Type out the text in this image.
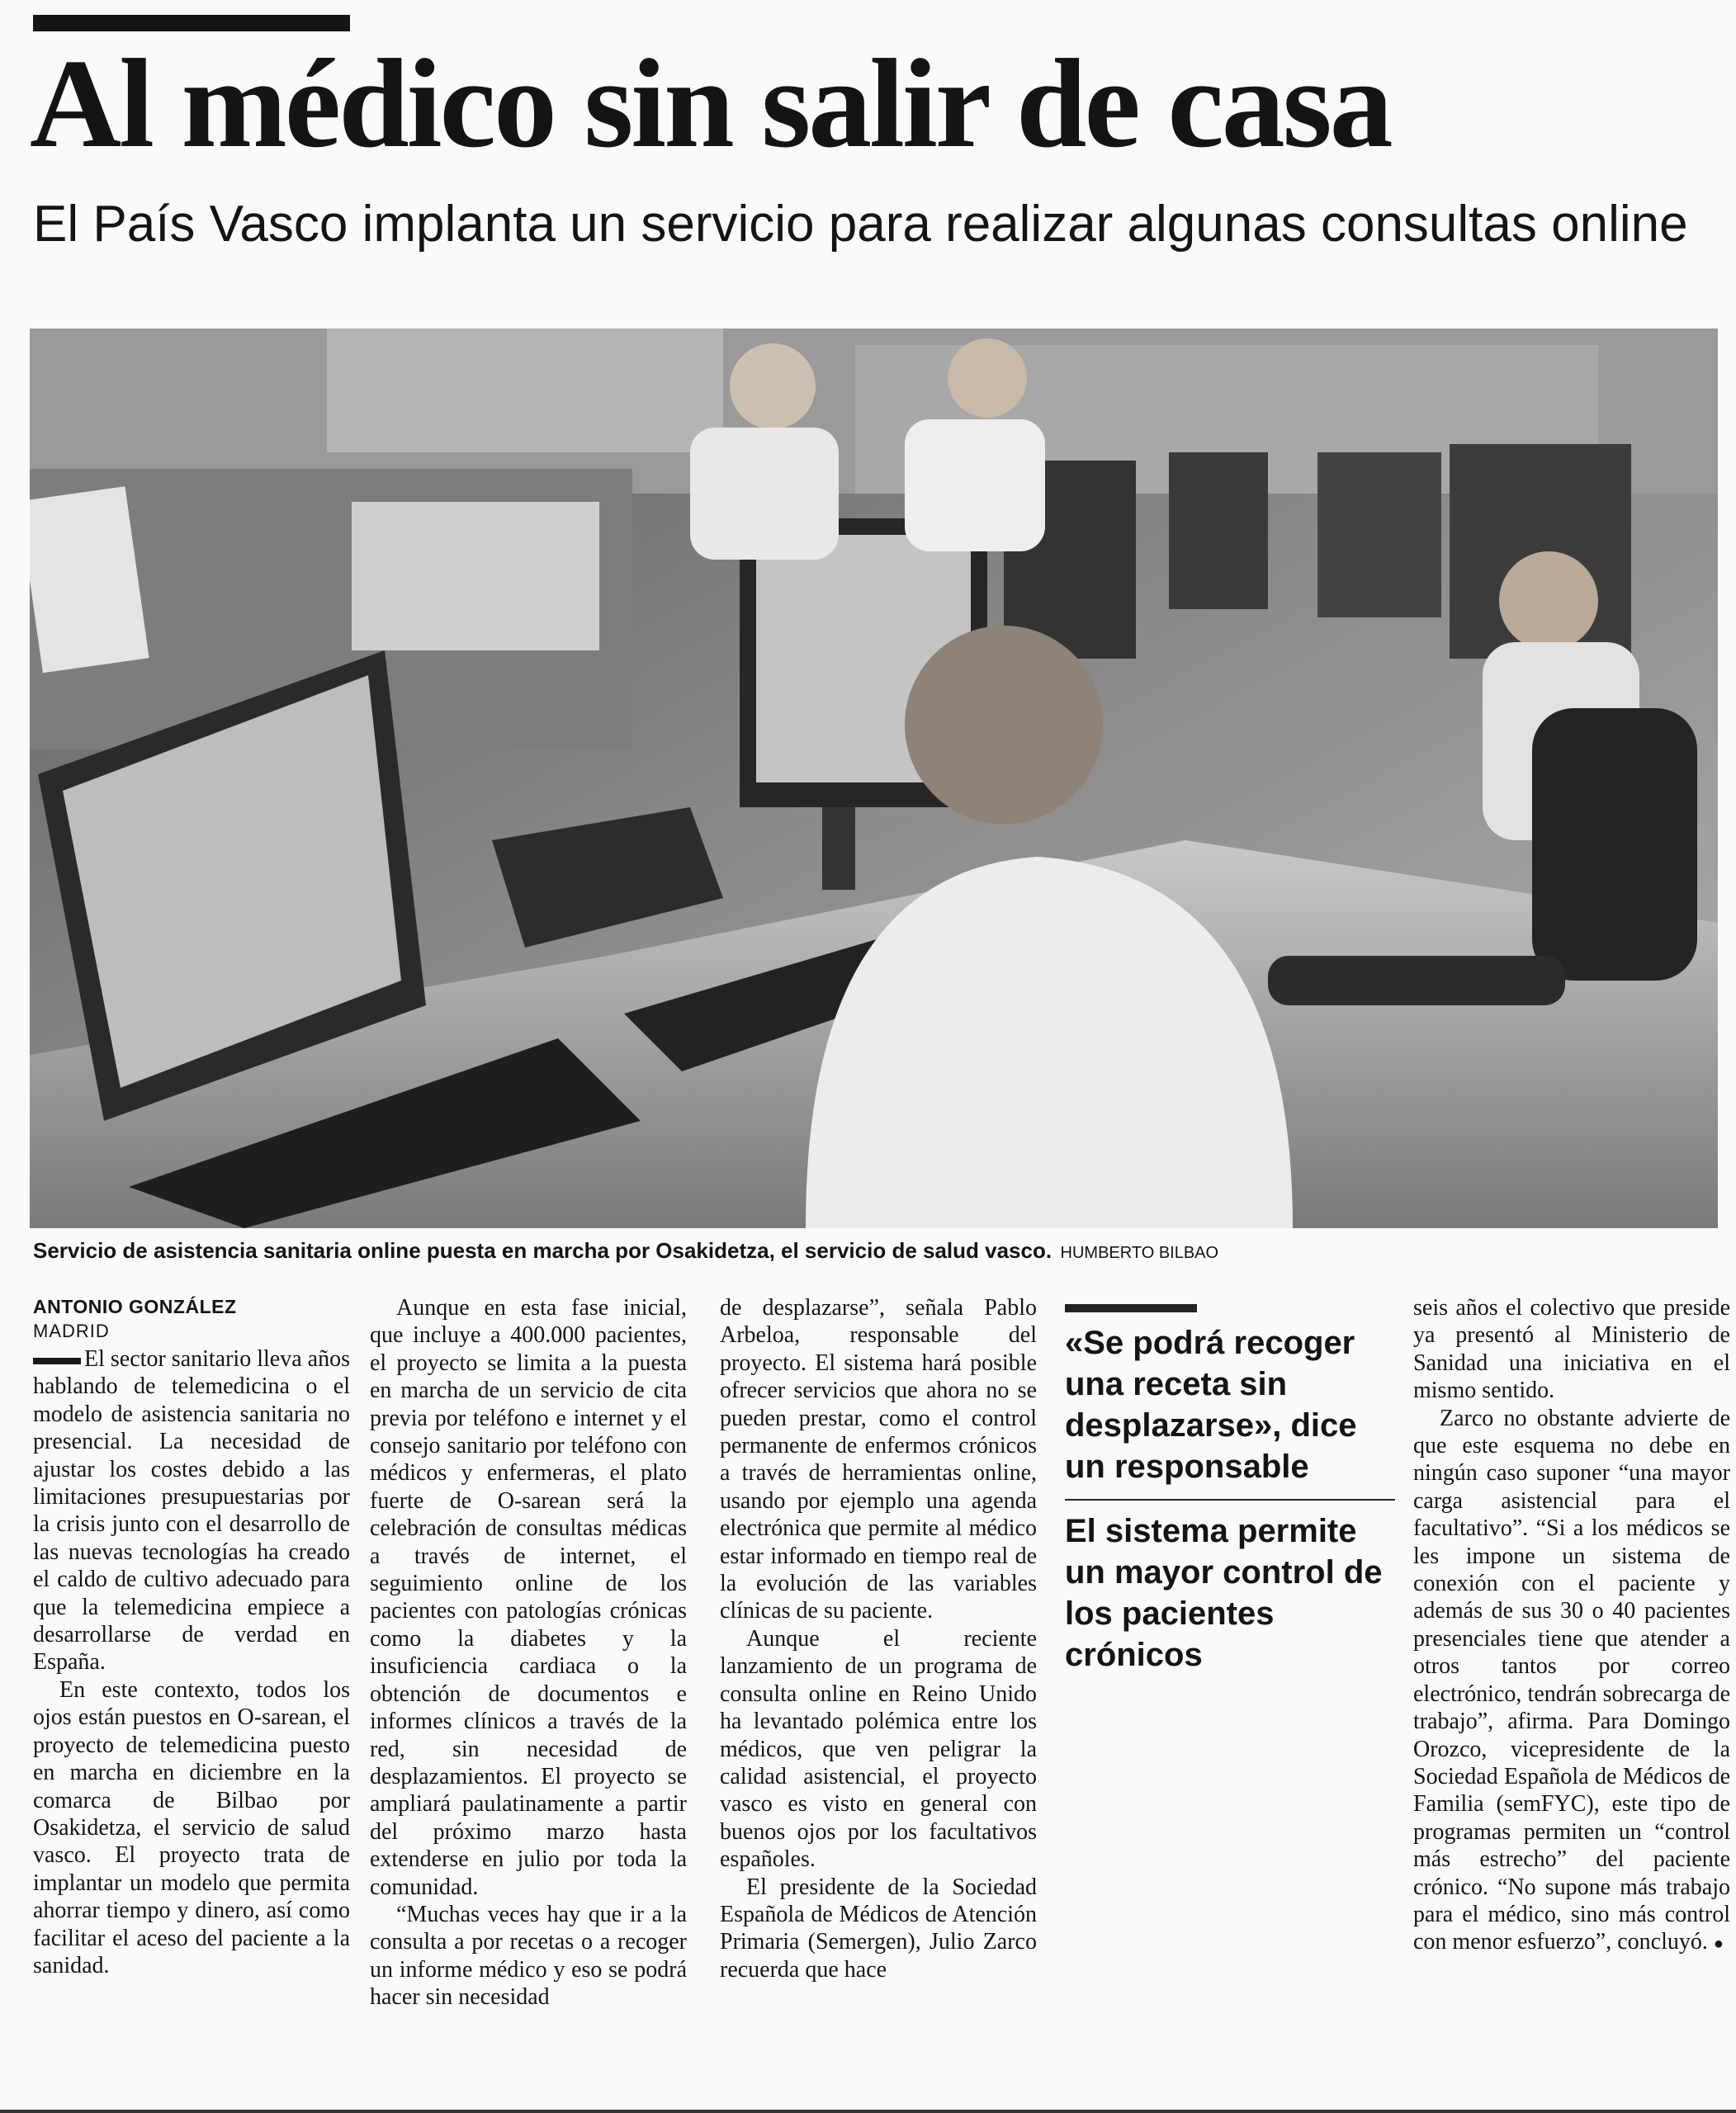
Al médico sin salir de casa
El País Vasco implanta un servicio para realizar algunas consultas online
Servicio de asistencia sanitaria online puesta en marcha por Osakidetza, el servicio de salud vasco. HUMBERTO BILBAO
ANTONIO GONZÁLEZ
MADRID

El sector sanitario lleva años hablando de telemedicina o el modelo de asistencia sanitaria no presencial. La necesidad de ajustar los costes debido a las limitaciones presupuestarias por la crisis junto con el desarrollo de las nuevas tecnologías ha creado el caldo de cultivo adecuado para que la telemedicina empiece a desarrollarse de verdad en España.

En este contexto, todos los ojos están puestos en O-sarean, el proyecto de telemedicina puesto en marcha en diciembre en la comarca de Bilbao por Osakidetza, el servicio de salud vasco. El proyecto trata de implantar un modelo que permita ahorrar tiempo y dinero, así como facilitar el aceso del paciente a la sanidad.

Aunque en esta fase inicial, que incluye a 400.000 pacientes, el proyecto se limita a la puesta en marcha de un servicio de cita previa por teléfono e internet y el consejo sanitario por teléfono con médicos y enfermeras, el plato fuerte de O-sarean será la celebración de consultas médicas a través de internet, el seguimiento online de los pacientes con patologías crónicas como la diabetes y la insuficiencia cardiaca o la obtención de documentos e informes clínicos a través de la red, sin necesidad de desplazamientos. El proyecto se ampliará paulatinamente a partir del próximo marzo hasta extenderse en julio por toda la comunidad.

“Muchas veces hay que ir a la consulta a por recetas o a recoger un informe médico y eso se podrá hacer sin necesidad

de desplazarse”, señala Pablo Arbeloa, responsable del proyecto. El sistema hará posible ofrecer servicios que ahora no se pueden prestar, como el control permanente de enfermos crónicos a través de herramientas online, usando por ejemplo una agenda electrónica que permite al médico estar informado en tiempo real de la evolución de las variables clínicas de su paciente.

Aunque el reciente lanzamiento de un programa de consulta online en Reino Unido ha levantado polémica entre los médicos, que ven peligrar la calidad asistencial, el proyecto vasco es visto en general con buenos ojos por los facultativos españoles.

El presidente de la Sociedad Española de Médicos de Atención Primaria (Semergen), Julio Zarco recuerda que hace

«Se podrá recoger una receta sin desplazarse», dice un responsable

El sistema permite un mayor control de los pacientes crónicos

seis años el colectivo que preside ya presentó al Ministerio de Sanidad una iniciativa en el mismo sentido.

Zarco no obstante advierte de que este esquema no debe en ningún caso suponer “una mayor carga asistencial para el facultativo”. “Si a los médicos se les impone un sistema de conexión con el paciente y además de sus 30 o 40 pacientes presenciales tiene que atender a otros tantos por correo electrónico, tendrán sobrecarga de trabajo”, afirma. Para Domingo Orozco, vicepresidente de la Sociedad Española de Médicos de Familia (semFYC), este tipo de programas permiten un “control más estrecho” del paciente crónico. “No supone más trabajo para el médico, sino más control con menor esfuerzo”, concluyó. ●
